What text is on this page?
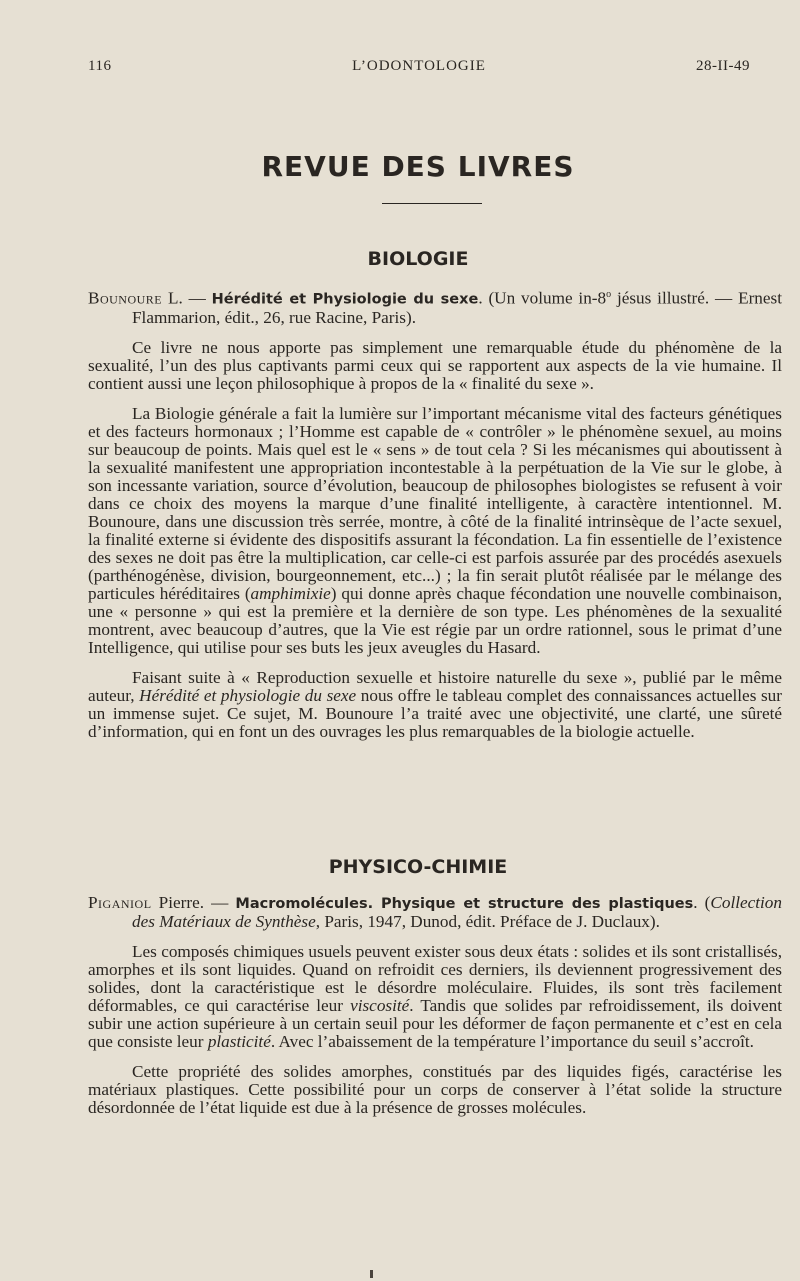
116	L’ODONTOLOGIE	28-II-49
REVUE DES LIVRES
BIOLOGIE

Bounoure L. — Hérédité et Physiologie du sexe. (Un volume in-8$^o$ jésus illustré. — Ernest Flammarion, édit., 26, rue Racine, Paris).

Ce livre ne nous apporte pas simplement une remarquable étude du phénomène de la sexualité, l’un des plus captivants parmi ceux qui se rapportent aux aspects de la vie humaine. Il contient aussi une leçon philosophique à propos de la « finalité du sexe ».

La Biologie générale a fait la lumière sur l’important mécanisme vital des facteurs génétiques et des facteurs hormonaux ; l’Homme est capable de « contrôler » le phénomène sexuel, au moins sur beaucoup de points. Mais quel est le « sens » de tout cela ? Si les mécanismes qui aboutissent à la sexualité manifestent une appropriation incontestable à la perpétuation de la Vie sur le globe, à son incessante variation, source d’évolution, beaucoup de philosophes biologistes se refusent à voir dans ce choix des moyens la marque d’une finalité intelligente, à caractère intentionnel. M. Bounoure, dans une discussion très serrée, montre, à côté de la finalité intrinsèque de l’acte sexuel, la finalité externe si évidente des dispositifs assurant la fécondation. La fin essentielle de l’existence des sexes ne doit pas être la multiplication, car celle-ci est parfois assurée par des procédés asexuels (parthénogénèse, division, bourgeonnement, etc...) ; la fin serait plutôt réalisée par le mélange des particules héréditaires (amphimixie) qui donne après chaque fécondation une nouvelle combinaison, une « personne » qui est la première et la dernière de son type. Les phénomènes de la sexualité montrent, avec beaucoup d’autres, que la Vie est régie par un ordre rationnel, sous le primat d’une Intelligence, qui utilise pour ses buts les jeux aveugles du Hasard.

Faisant suite à « Reproduction sexuelle et histoire naturelle du sexe », publié par le même auteur, Hérédité et physiologie du sexe nous offre le tableau complet des connaissances actuelles sur un immense sujet. Ce sujet, M. Bounoure l’a traité avec une objectivité, une clarté, une sûreté d’information, qui en font un des ouvrages les plus remarquables de la biologie actuelle.

PHYSICO-CHIMIE

Piganiol Pierre. — Macromolécules. Physique et structure des plastiques. (Collection des Matériaux de Synthèse, Paris, 1947, Dunod, édit. Préface de J. Duclaux).

Les composés chimiques usuels peuvent exister sous deux états : solides et ils sont cristallisés, amorphes et ils sont liquides. Quand on refroidit ces derniers, ils deviennent progressivement des solides, dont la caractéristique est le désordre moléculaire. Fluides, ils sont très facilement déformables, ce qui caractérise leur viscosité. Tandis que solides par refroidissement, ils doivent subir une action supérieure à un certain seuil pour les déformer de façon permanente et c’est en cela que consiste leur plasticité. Avec l’abaissement de la température l’importance du seuil s’accroît.

Cette propriété des solides amorphes, constitués par des liquides figés, caractérise les matériaux plastiques. Cette possibilité pour un corps de conserver à l’état solide la structure désordonnée de l’état liquide est due à la présence de grosses molécules.
